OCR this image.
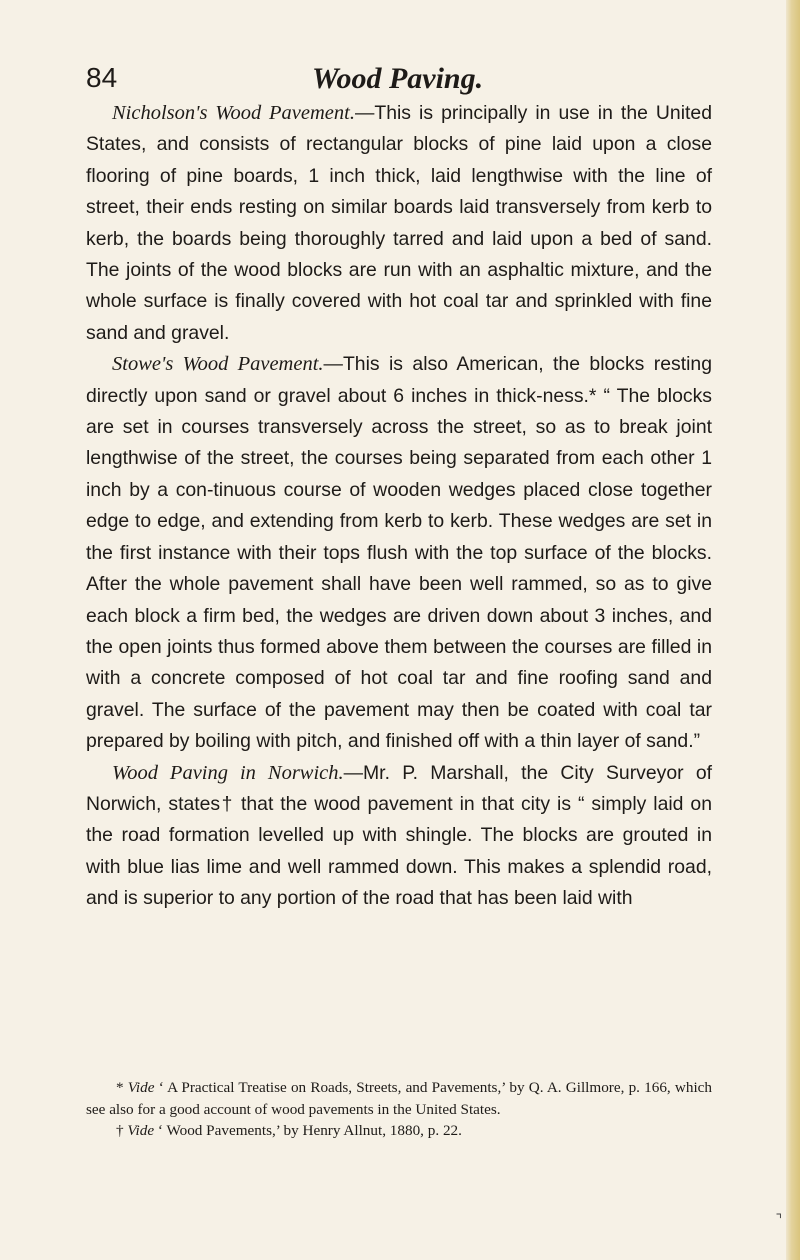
84	Wood Paving.

Nicholson's Wood Pavement.—This is principally in use in the United States, and consists of rectangular blocks of pine laid upon a close flooring of pine boards, 1 inch thick, laid lengthwise with the line of street, their ends resting on similar boards laid transversely from kerb to kerb, the boards being thoroughly tarred and laid upon a bed of sand. The joints of the wood blocks are run with an asphaltic mixture, and the whole surface is finally covered with hot coal tar and sprinkled with fine sand and gravel.

Stowe's Wood Pavement.—This is also American, the blocks resting directly upon sand or gravel about 6 inches in thick-ness.* “ The blocks are set in courses transversely across the street, so as to break joint lengthwise of the street, the courses being separated from each other 1 inch by a con-tinuous course of wooden wedges placed close together edge to edge, and extending from kerb to kerb. These wedges are set in the first instance with their tops flush with the top surface of the blocks. After the whole pavement shall have been well rammed, so as to give each block a firm bed, the wedges are driven down about 3 inches, and the open joints thus formed above them between the courses are filled in with a concrete composed of hot coal tar and fine roofing sand and gravel. The surface of the pavement may then be coated with coal tar prepared by boiling with pitch, and finished off with a thin layer of sand.”

Wood Paving in Norwich.—Mr. P. Marshall, the City Surveyor of Norwich, states† that the wood pavement in that city is “ simply laid on the road formation levelled up with shingle. The blocks are grouted in with blue lias lime and well rammed down. This makes a splendid road, and is superior to any portion of the road that has been laid with

* Vide ‘ A Practical Treatise on Roads, Streets, and Pavements,’ by Q. A. Gillmore, p. 166, which see also for a good account of wood pavements in the United States.

† Vide ‘ Wood Pavements,’ by Henry Allnut, 1880, p. 22.

⌝
